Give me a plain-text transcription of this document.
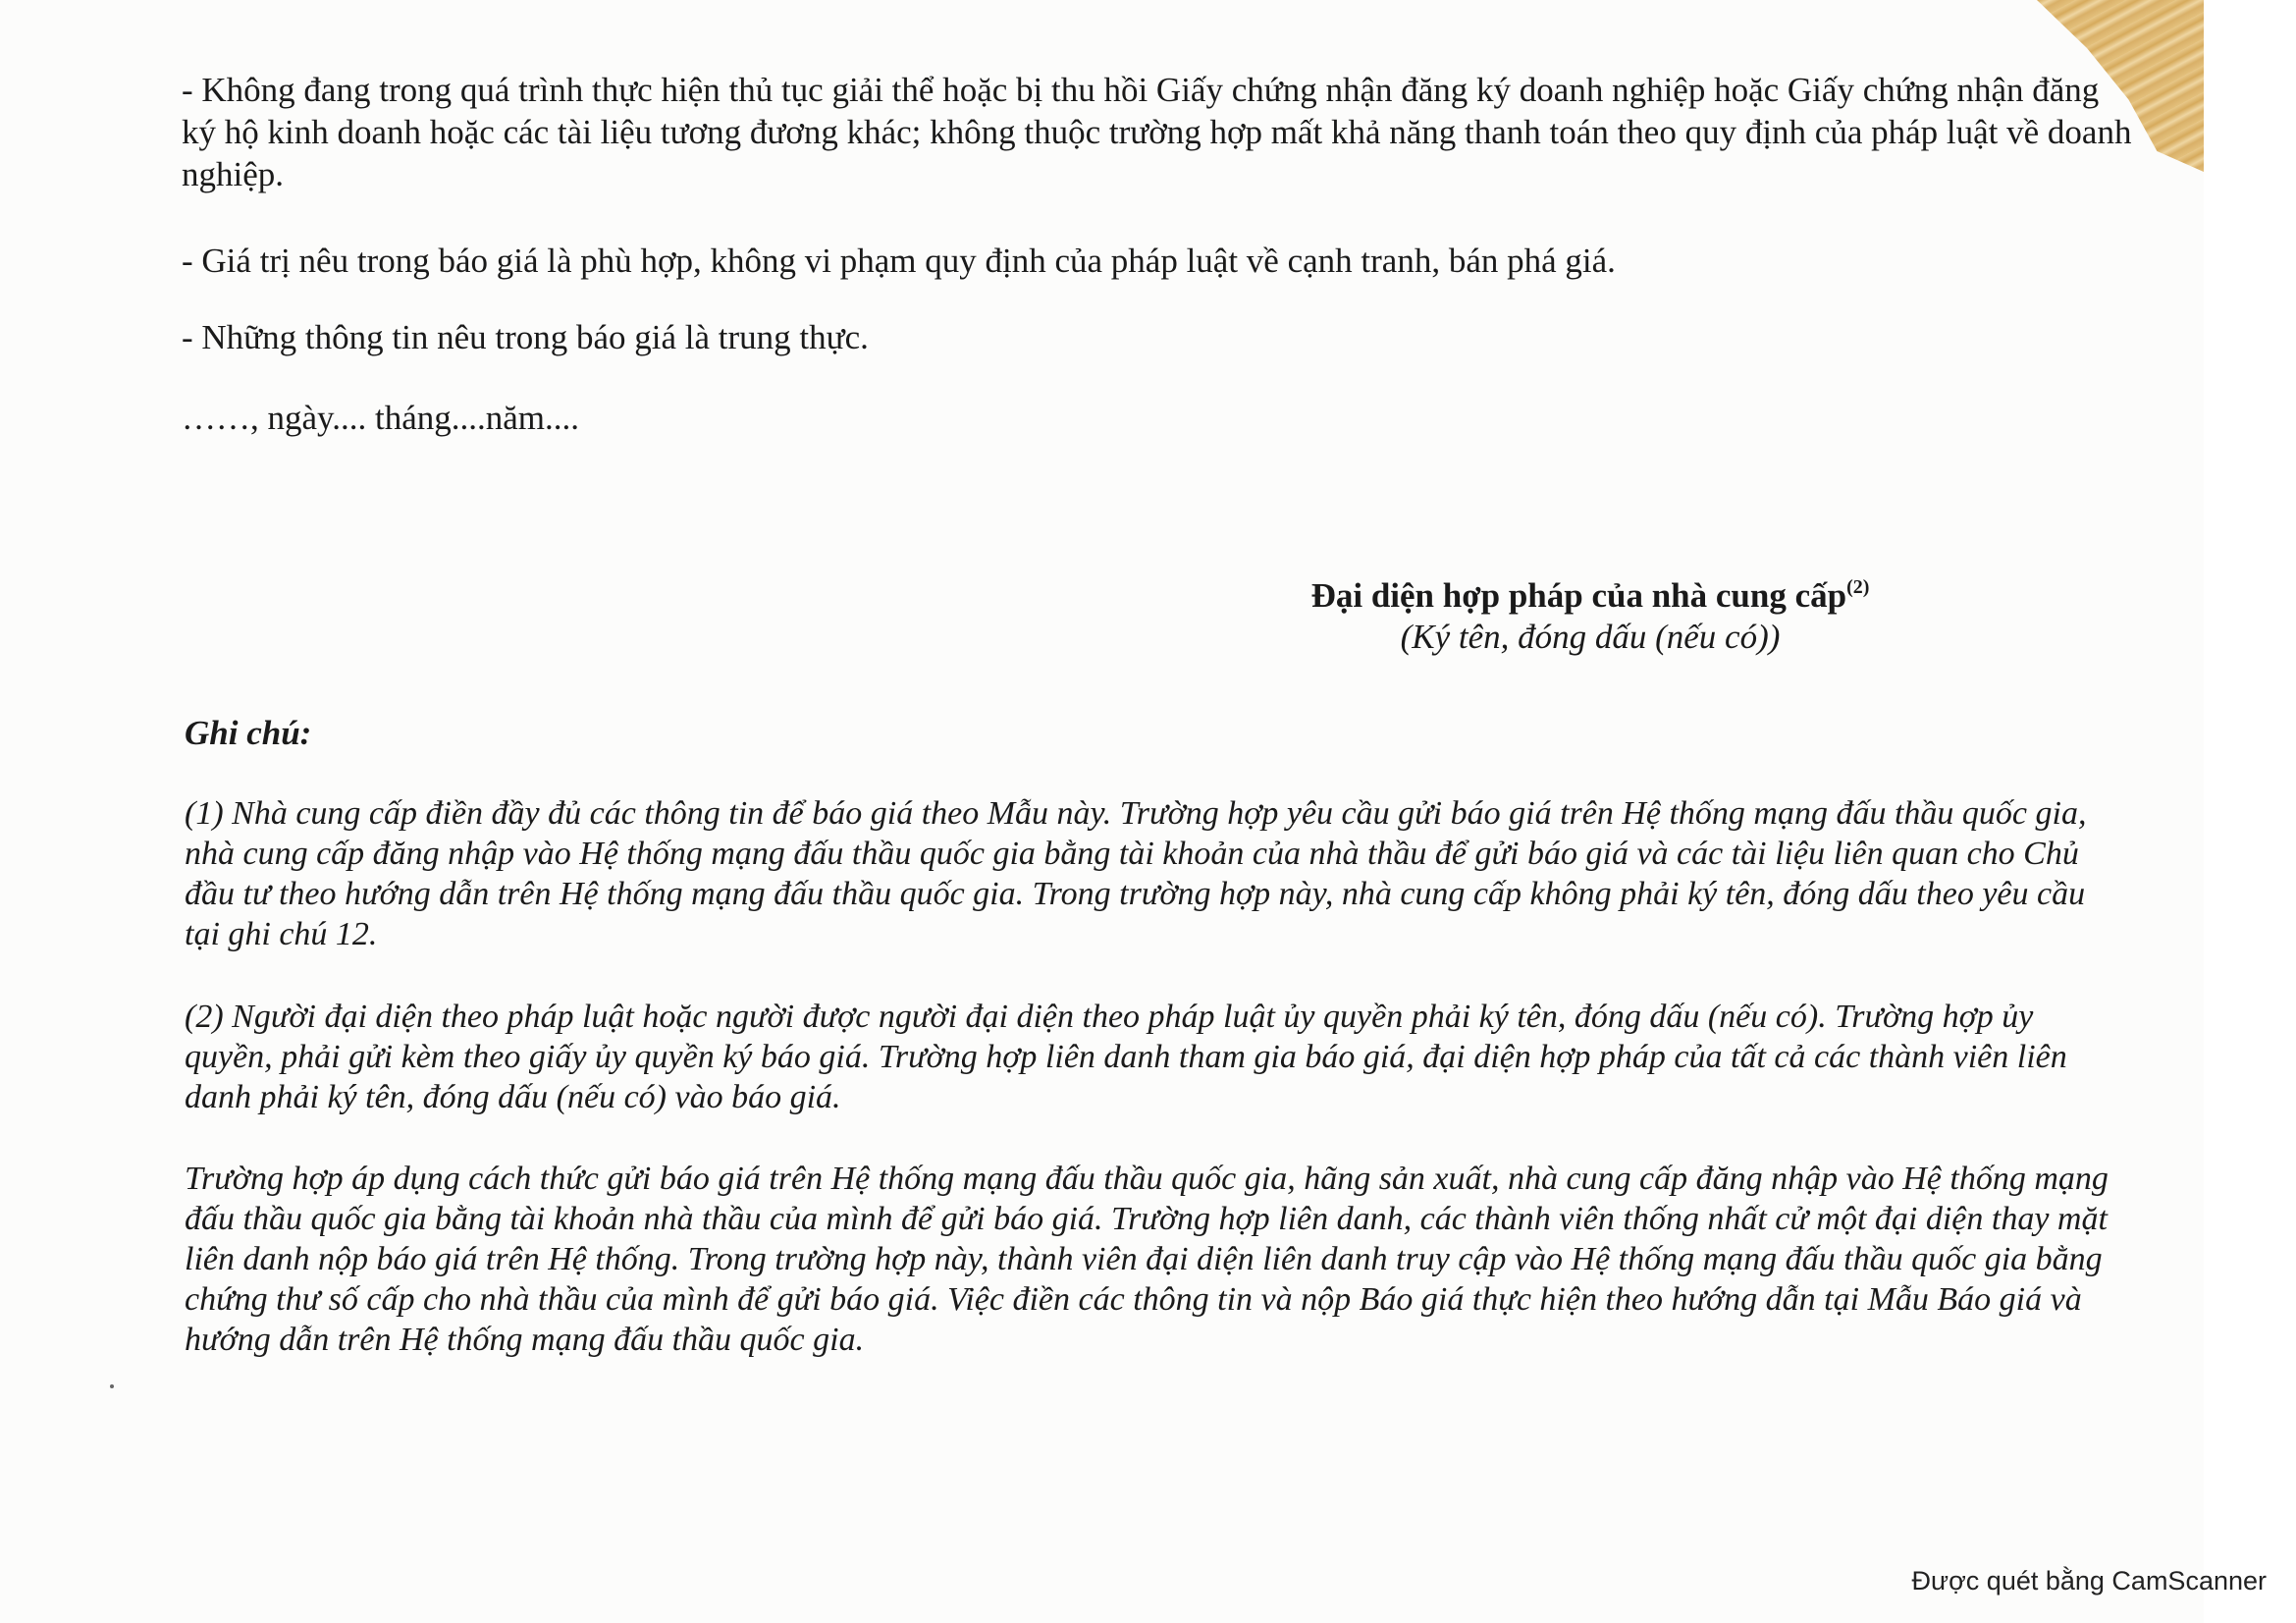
- Không đang trong quá trình thực hiện thủ tục giải thể hoặc bị thu hồi Giấy chứng nhận đăng ký doanh nghiệp hoặc Giấy chứng nhận đăng ký hộ kinh doanh hoặc các tài liệu tương đương khác; không thuộc trường hợp mất khả năng thanh toán theo quy định của pháp luật về doanh nghiệp.

- Giá trị nêu trong báo giá là phù hợp, không vi phạm quy định của pháp luật về cạnh tranh, bán phá giá.

- Những thông tin nêu trong báo giá là trung thực.

……, ngày.... tháng....năm....

Đại diện hợp pháp của nhà cung cấp$^{(2)}$
(Ký tên, đóng dấu (nếu có))

Ghi chú:

(1) Nhà cung cấp điền đầy đủ các thông tin để báo giá theo Mẫu này. Trường hợp yêu cầu gửi báo giá trên Hệ thống mạng đấu thầu quốc gia, nhà cung cấp đăng nhập vào Hệ thống mạng đấu thầu quốc gia bằng tài khoản của nhà thầu để gửi báo giá và các tài liệu liên quan cho Chủ đầu tư theo hướng dẫn trên Hệ thống mạng đấu thầu quốc gia. Trong trường hợp này, nhà cung cấp không phải ký tên, đóng dấu theo yêu cầu tại ghi chú 12.

(2) Người đại diện theo pháp luật hoặc người được người đại diện theo pháp luật ủy quyền phải ký tên, đóng dấu (nếu có). Trường hợp ủy quyền, phải gửi kèm theo giấy ủy quyền ký báo giá. Trường hợp liên danh tham gia báo giá, đại diện hợp pháp của tất cả các thành viên liên danh phải ký tên, đóng dấu (nếu có) vào báo giá.

Trường hợp áp dụng cách thức gửi báo giá trên Hệ thống mạng đấu thầu quốc gia, hãng sản xuất, nhà cung cấp đăng nhập vào Hệ thống mạng đấu thầu quốc gia bằng tài khoản nhà thầu của mình để gửi báo giá. Trường hợp liên danh, các thành viên thống nhất cử một đại diện thay mặt liên danh nộp báo giá trên Hệ thống. Trong trường hợp này, thành viên đại diện liên danh truy cập vào Hệ thống mạng đấu thầu quốc gia bằng chứng thư số cấp cho nhà thầu của mình để gửi báo giá. Việc điền các thông tin và nộp Báo giá thực hiện theo hướng dẫn tại Mẫu Báo giá và hướng dẫn trên Hệ thống mạng đấu thầu quốc gia.

Được quét bằng CamScanner
